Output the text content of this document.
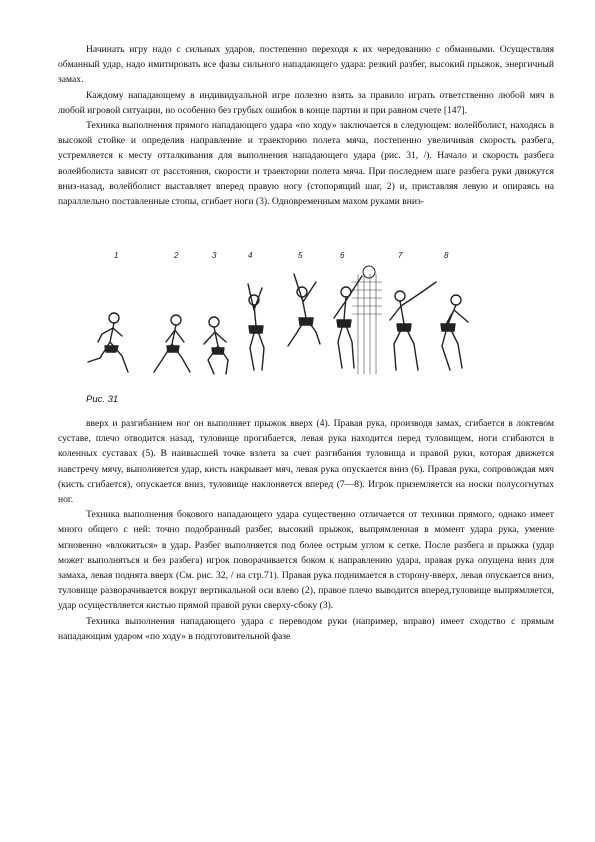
Начинать игру надо с сильных ударов, постепенно переходя к их чередованию с обманными. Осуществляя обманный удар, надо имитировать все фазы сильного нападающего удара: резкий разбег, высокий прыжок, энергичный замах.

Каждому нападающему в индивидуальной игре полезно взять за правило играть ответственно любой мяч в любой игровой ситуации, но особенно без грубых ошибок в конце партии и при равном счете [147].

Техника выполнения прямого нападающего удара «по ходу» заключается в следующем: волейболист, находясь в высокой стойке и определив направление и траекторию полета мяча, постепенно увеличивая скорость разбега, устремляется к месту отталкивания для выполнения нападающего удара (рис. 31, /). Начало и скорость разбега волейболиста зависят от расстояния, скорости и траектории полета мяча. При последнем шаге разбега руки движутся вниз-назад, волейболист выставляет вперед правую ногу (стопорящий шаг, 2) и, приставляя левую и опираясь на параллельно поставленные стопы, сгибает ноги (3). Одновременным махом руками вниз-

1	2	3	4	5	6	7	8
Рис. 31

вверх и разгибанием ног он выполняет прыжок вверх (4). Правая рука, производя замах, сгибается в локтевом суставе, плечо отводится назад, туловище прогибается, левая рука находится перед туловищем, ноги сгибаются в коленных суставах (5). В наивысшей точке взлета за счет разгибания туловища и правой руки, которая движется навстречу мячу, выполняется удар, кисть накрывает мяч, левая рука опускается вниз (6). Правая рука, сопровождая мяч (кисть сгибается), опускается вниз, туловище наклоняется вперед (7—8). Игрок приземляется на носки полусогнутых ног.

Техника выполнения бокового нападающего удара существенно отличается от техники прямого, однако имеет много общего с ней: точно подобранный разбег, высокий прыжок, выпрямленная в момент удара рука, умение мгновенно «вложиться» в удар. Разбег выполняется под более острым углом к сетке. После разбега и прыжка (удар может выполняться и без разбега) игрок поворачивается боком к направлению удара, правая рука опущена вниз для замаха, левая поднята вверх (См. рис. 32, / на стр.71). Правая рука поднимается в сторону-вверх, левая опускается вниз, туловище разворачивается вокруг вертикальной оси влево (2), правое плечо выводится вперед,туловище выпрямляется, удар осуществляется кистью прямой правой руки сверху-сбоку (3).

Техника выполнения нападающего удара с переводом руки (например, вправо) имеет сходство с прямым нападающим ударом «по ходу» в подготовительной фазе
